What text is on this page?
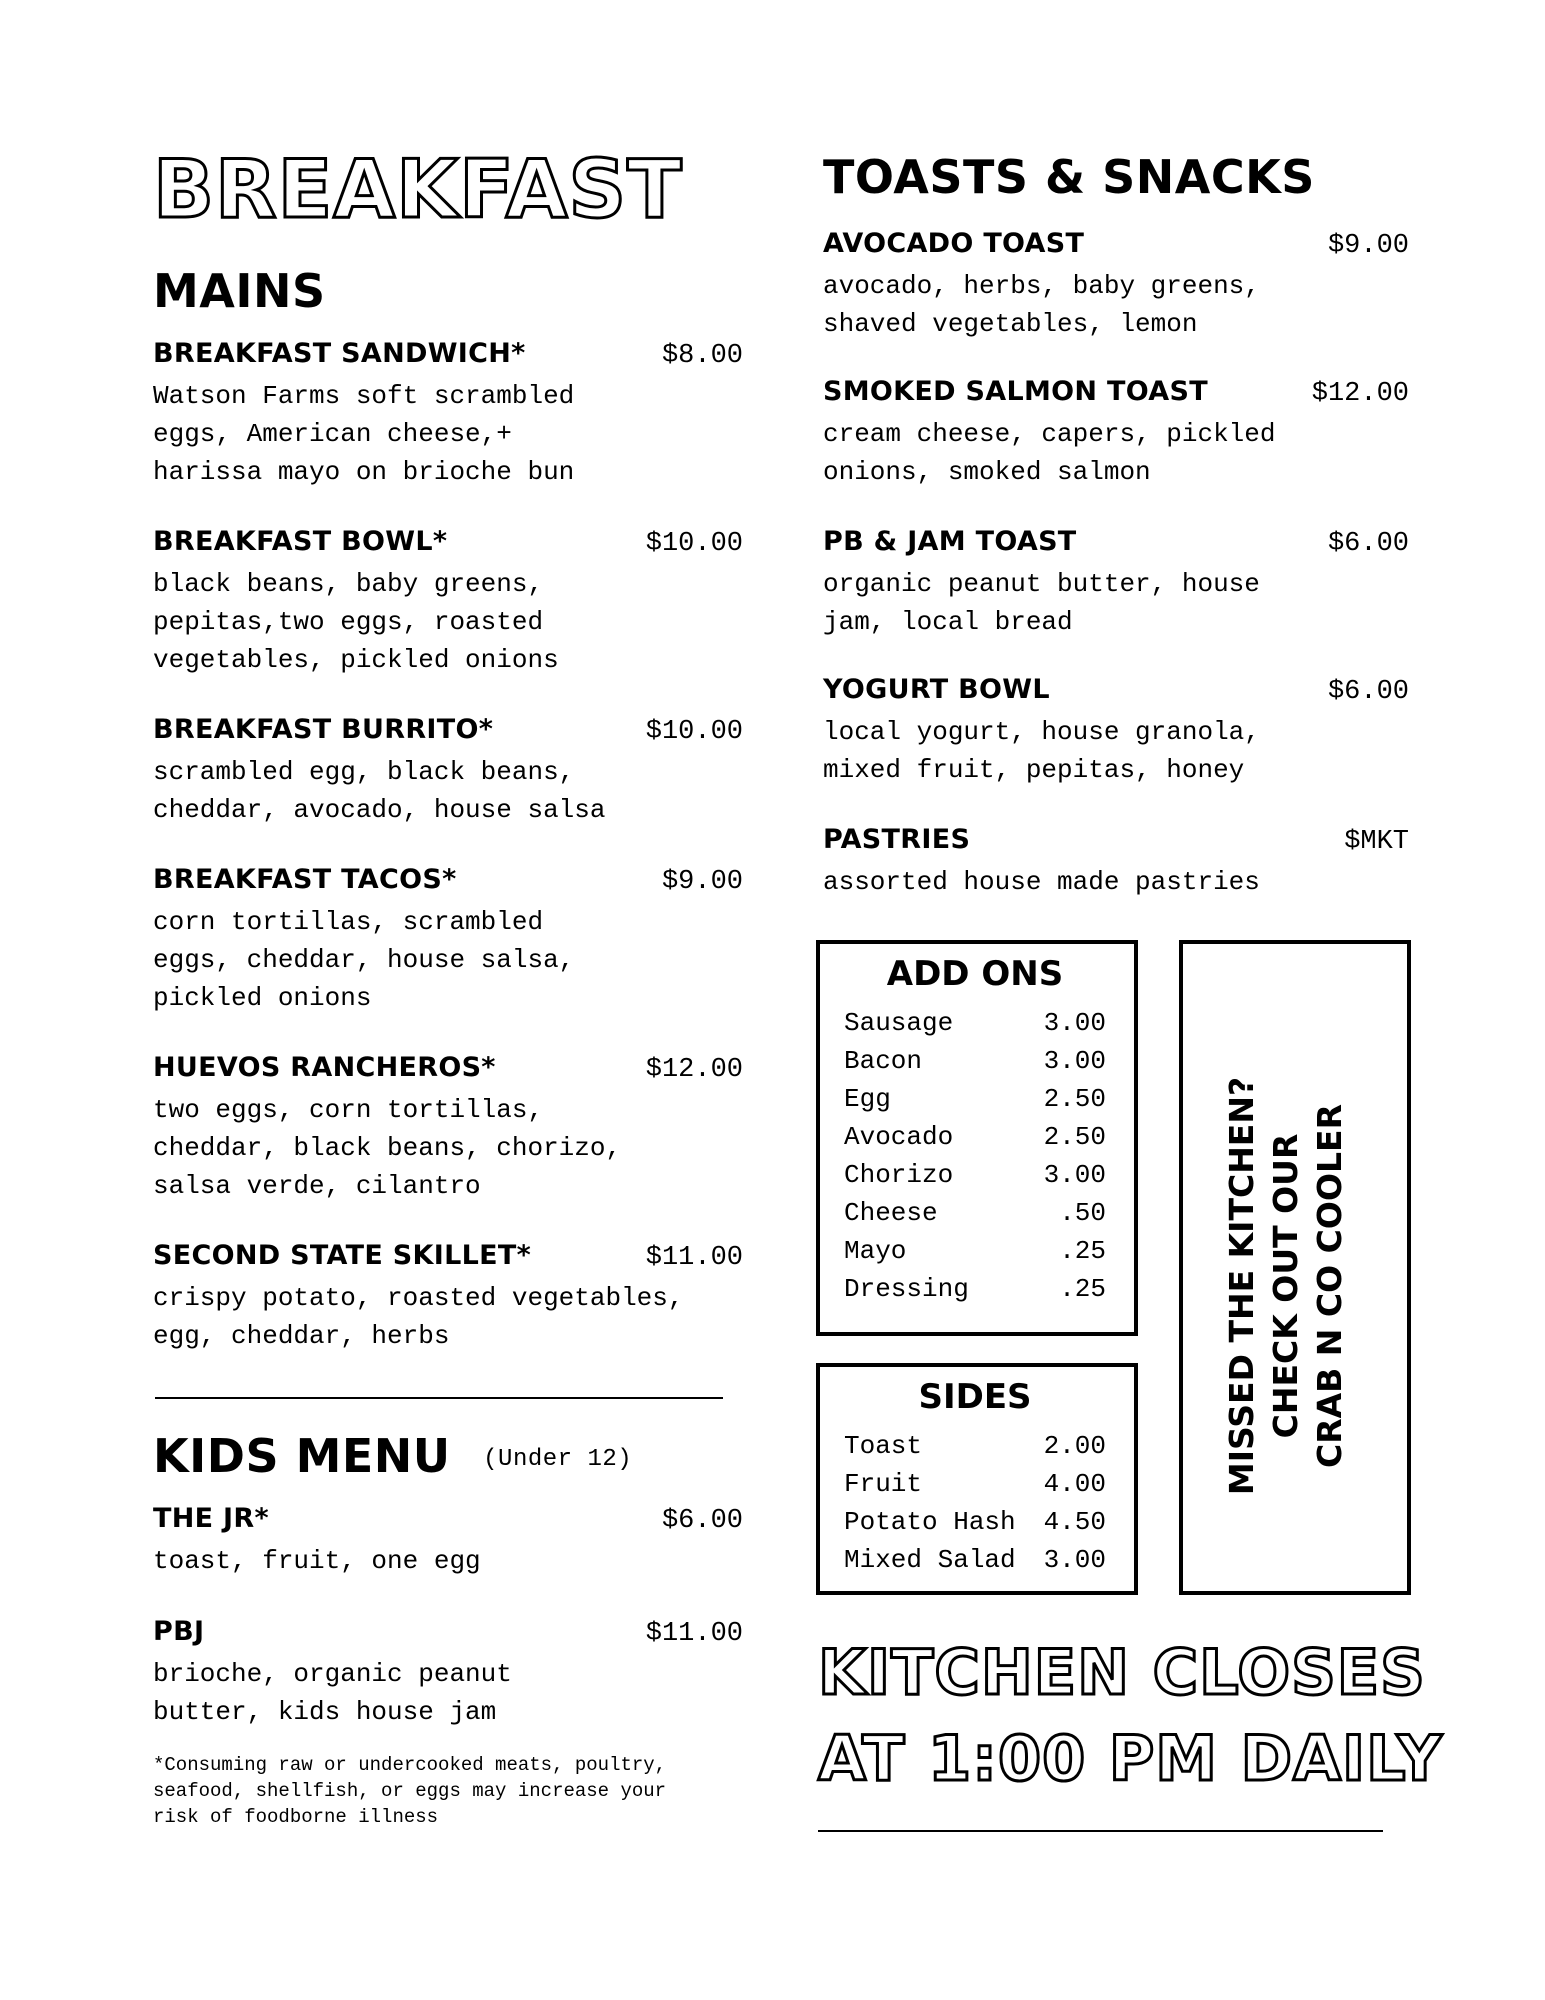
BREAKFAST
MAINS
BREAKFAST SANDWICH*	$8.00
Watson Farms soft scrambled
eggs, American cheese,+
harissa mayo on brioche bun
BREAKFAST BOWL*	$10.00
black beans, baby greens,
pepitas,two eggs, roasted
vegetables, pickled onions
BREAKFAST BURRITO*	$10.00
scrambled egg, black beans,
cheddar, avocado, house salsa
BREAKFAST TACOS*	$9.00
corn tortillas, scrambled
eggs, cheddar, house salsa,
pickled onions
HUEVOS RANCHEROS*	$12.00
two eggs, corn tortillas,
cheddar, black beans, chorizo,
salsa verde, cilantro
SECOND STATE SKILLET*	$11.00
crispy potato, roasted vegetables,
egg, cheddar, herbs
KIDS MENU (Under 12)
THE JR*	$6.00
toast, fruit, one egg
PBJ	$11.00
brioche, organic peanut
butter, kids house jam
*Consuming raw or undercooked meats, poultry,
seafood, shellfish, or eggs may increase your
risk of foodborne illness
TOASTS & SNACKS
AVOCADO TOAST	$9.00
avocado, herbs, baby greens,
shaved vegetables, lemon
SMOKED SALMON TOAST	$12.00
cream cheese, capers, pickled
onions, smoked salmon
PB & JAM TOAST	$6.00
organic peanut butter, house
jam, local bread
YOGURT BOWL	$6.00
local yogurt, house granola,
mixed fruit, pepitas, honey
PASTRIES	$MKT
assorted house made pastries
ADD ONS
Sausage	3.00
Bacon	3.00
Egg	2.50
Avocado	2.50
Chorizo	3.00
Cheese	.50
Mayo	.25
Dressing	.25
SIDES
Toast	2.00
Fruit	4.00
Potato Hash 4.50
Mixed Salad 3.00
MISSED THE KITCHEN? CHECK OUT OUR CRAB N CO COOLER
KITCHEN CLOSES
AT 1:00 PM DAILY
